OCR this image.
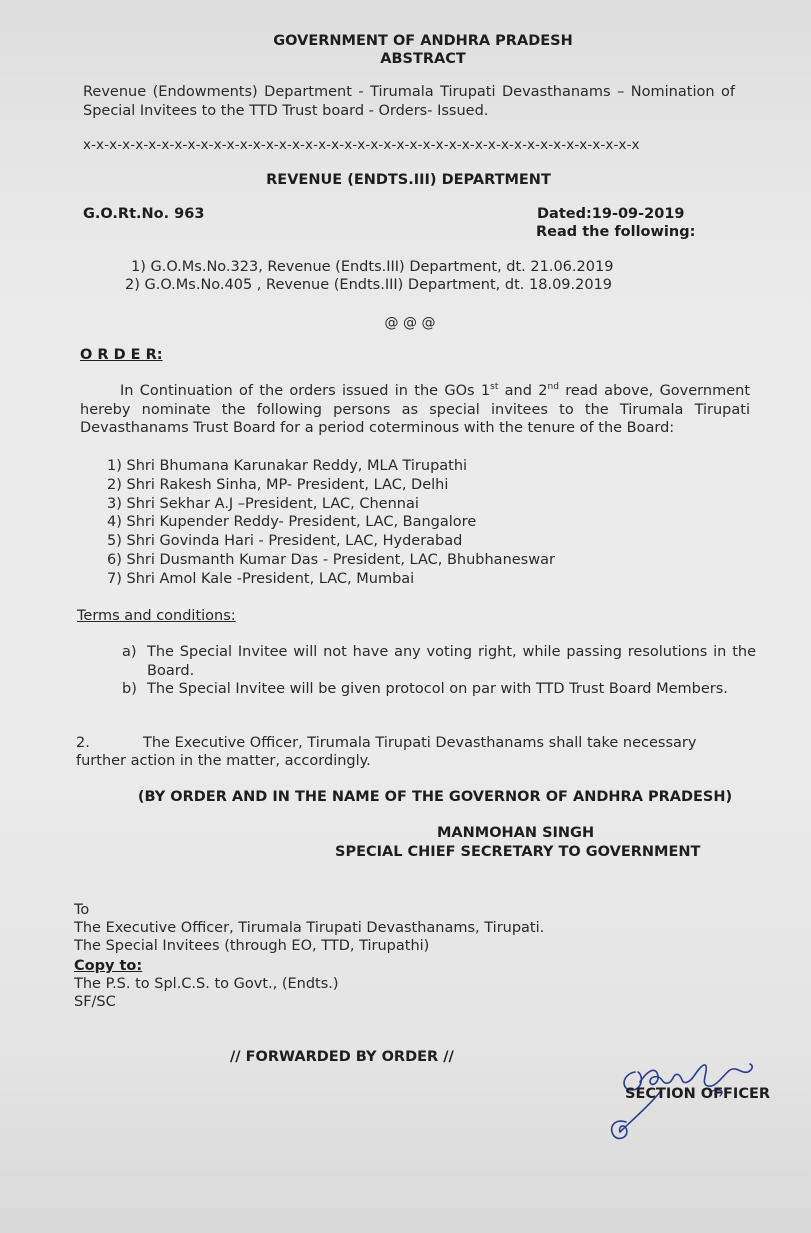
GOVERNMENT OF ANDHRA PRADESH

ABSTRACT

Revenue (Endowments) Department - Tirumala Tirupati Devasthanams – Nomination of Special Invitees to the TTD Trust board - Orders- Issued.

x-x-x-x-x-x-x-x-x-x-x-x-x-x-x-x-x-x-x-x-x-x-x-x-x-x-x-x-x-x-x-x-x-x-x-x-x-x-x-x-x-x-x

REVENUE (ENDTS.III) DEPARTMENT

G.O.Rt.No. 963	Dated:19-09-2019

Read the following:

1) G.O.Ms.No.323, Revenue (Endts.III) Department, dt. 21.06.2019

2) G.O.Ms.No.405 , Revenue (Endts.III) Department, dt. 18.09.2019

@ @ @

O R D E R:

In Continuation of the orders issued in the GOs 1st and 2nd read above, Government hereby nominate the following persons as special invitees to the Tirumala Tirupati Devasthanams Trust Board for a period coterminous with the tenure of the Board:

1) Shri Bhumana Karunakar Reddy, MLA Tirupathi
2) Shri Rakesh Sinha, MP- President, LAC, Delhi
3) Shri Sekhar A.J –President, LAC, Chennai
4) Shri Kupender Reddy- President, LAC, Bangalore
5) Shri Govinda Hari - President, LAC, Hyderabad
6) Shri Dusmanth Kumar Das - President, LAC, Bhubhaneswar
7) Shri Amol Kale -President, LAC, Mumbai

Terms and conditions:

a) The Special Invitee will not have any voting right, while passing resolutions in the Board.
b) The Special Invitee will be given protocol on par with TTD Trust Board Members.

2.	The Executive Officer, Tirumala Tirupati Devasthanams shall take necessary

further action in the matter, accordingly.

(BY ORDER AND IN THE NAME OF THE GOVERNOR OF ANDHRA PRADESH)

MANMOHAN SINGH

SPECIAL CHIEF SECRETARY TO GOVERNMENT

To

The Executive Officer, Tirumala Tirupati Devasthanams, Tirupati.

The Special Invitees (through EO, TTD, Tirupathi)

Copy to:

The P.S. to Spl.C.S. to Govt., (Endts.)

SF/SC

// FORWARDED BY ORDER //

SECTION OFFICER
